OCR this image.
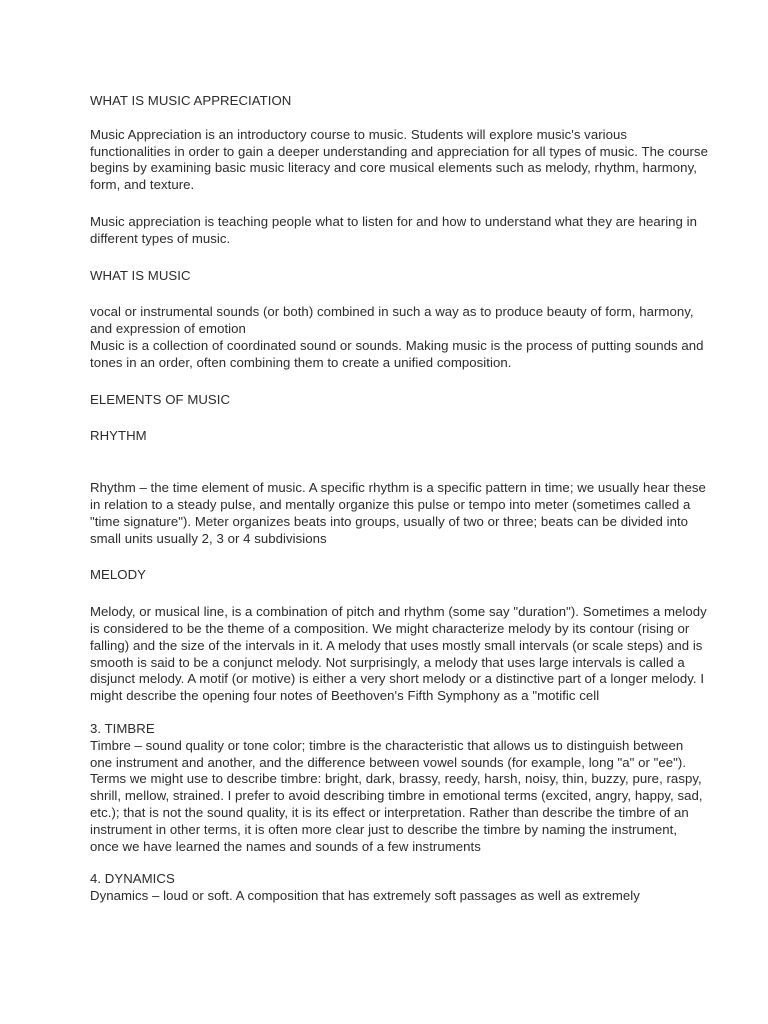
WHAT IS MUSIC APPRECIATION

Music Appreciation is an introductory course to music. Students will explore music's various functionalities in order to gain a deeper understanding and appreciation for all types of music. The course begins by examining basic music literacy and core musical elements such as melody, rhythm, harmony, form, and texture.

Music appreciation is teaching people what to listen for and how to understand what they are hearing in different types of music.

WHAT IS MUSIC

vocal or instrumental sounds (or both) combined in such a way as to produce beauty of form, harmony, and expression of emotion

Music is a collection of coordinated sound or sounds. Making music is the process of putting sounds and tones in an order, often combining them to create a unified composition.

ELEMENTS OF MUSIC
RHYTHM

Rhythm – the time element of music. A specific rhythm is a specific pattern in time; we usually hear these in relation to a steady pulse, and mentally organize this pulse or tempo into meter (sometimes called a "time signature"). Meter organizes beats into groups, usually of two or three; beats can be divided into small units usually 2, 3 or 4 subdivisions

MELODY

Melody, or musical line, is a combination of pitch and rhythm (some say "duration"). Sometimes a melody is considered to be the theme of a composition. We might characterize melody by its contour (rising or falling) and the size of the intervals in it. A melody that uses mostly small intervals (or scale steps) and is smooth is said to be a conjunct melody. Not surprisingly, a melody that uses large intervals is called a disjunct melody. A motif (or motive) is either a very short melody or a distinctive part of a longer melody. I might describe the opening four notes of Beethoven's Fifth Symphony as a "motific cell

3. TIMBRE

Timbre – sound quality or tone color; timbre is the characteristic that allows us to distinguish between one instrument and another, and the difference between vowel sounds (for example, long "a" or "ee"). Terms we might use to describe timbre: bright, dark, brassy, reedy, harsh, noisy, thin, buzzy, pure, raspy, shrill, mellow, strained. I prefer to avoid describing timbre in emotional terms (excited, angry, happy, sad, etc.); that is not the sound quality, it is its effect or interpretation. Rather than describe the timbre of an instrument in other terms, it is often more clear just to describe the timbre by naming the instrument, once we have learned the names and sounds of a few instruments

4. DYNAMICS

Dynamics – loud or soft. A composition that has extremely soft passages as well as extremely
